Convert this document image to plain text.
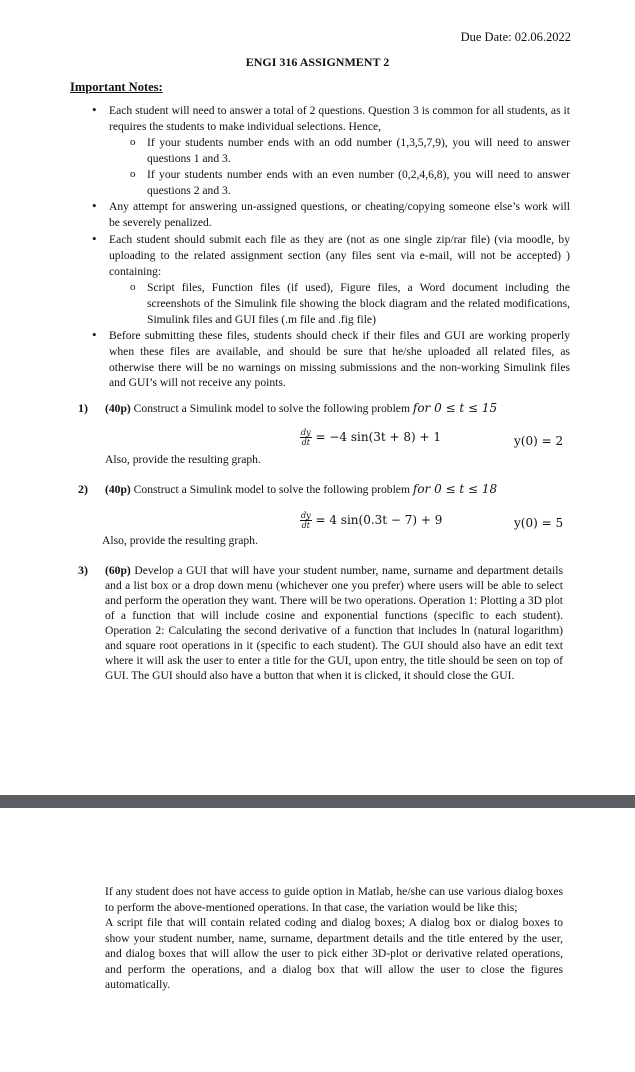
Due Date: 02.06.2022
ENGI 316 ASSIGNMENT 2
Important Notes:
• Each student will need to answer a total of 2 questions. Question 3 is common for all students, as it requires the students to make individual selections. Hence,
o If your students number ends with an odd number (1,3,5,7,9), you will need to answer questions 1 and 3.
o If your students number ends with an even number (0,2,4,6,8), you will need to answer questions 2 and 3.
• Any attempt for answering un-assigned questions, or cheating/copying someone else’s work will be severely penalized.
• Each student should submit each file as they are (not as one single zip/rar file) (via moodle, by uploading to the related assignment section (any files sent via e-mail, will not be accepted) ) containing:
o Script files, Function files (if used), Figure files, a Word document including the screenshots of the Simulink file showing the block diagram and the related modifications, Simulink files and GUI files (.m file and .fig file)
• Before submitting these files, students should check if their files and GUI are working properly when these files are available, and should be sure that he/she uploaded all related files, as otherwise there will be no warnings on missing submissions and the non-working Simulink files and GUI’s will not receive any points.
1) (40p) Construct a Simulink model to solve the following problem for 0 ≤ t ≤ 15
$\frac{dy}{dt} = -4$ sin(3t + 8) + 1	y(0) = 2
Also, provide the resulting graph.
2) (40p) Construct a Simulink model to solve the following problem for 0 ≤ t ≤ 18
$\frac{dy}{dt} = 4$ sin(0.3t − 7) + 9	y(0) = 5
Also, provide the resulting graph.
3) (60p) Develop a GUI that will have your student number, name, surname and department details and a list box or a drop down menu (whichever one you prefer) where users will be able to select and perform the operation they want. There will be two operations. Operation 1: Plotting a 3D plot of a function that will include cosine and exponential functions (specific to each student). Operation 2: Calculating the second derivative of a function that includes ln (natural logarithm) and square root operations in it (specific to each student). The GUI should also have an edit text where it will ask the user to enter a title for the GUI, upon entry, the title should be seen on top of GUI. The GUI should also have a button that when it is clicked, it should close the GUI.
If any student does not have access to guide option in Matlab, he/she can use various dialog boxes to perform the above-mentioned operations. In that case, the variation would be like this;
A script file that will contain related coding and dialog boxes; A dialog box or dialog boxes to show your student number, name, surname, department details and the title entered by the user, and dialog boxes that will allow the user to pick either 3D-plot or derivative related operations, and perform the operations, and a dialog box that will allow the user to close the figures automatically.
